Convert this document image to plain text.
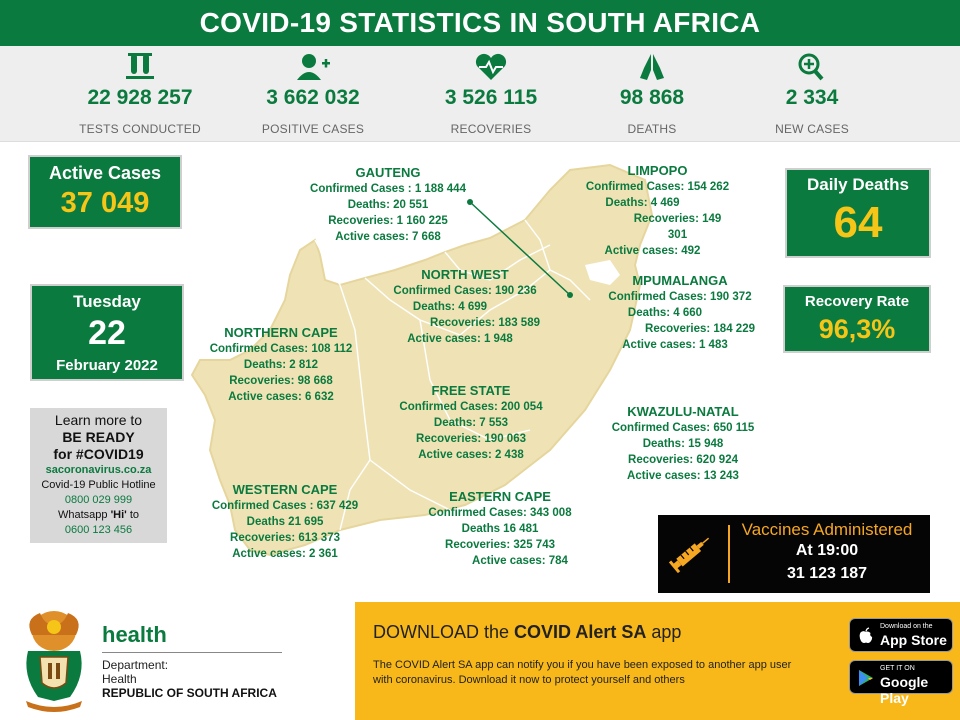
COVID-19 STATISTICS IN SOUTH AFRICA
22 928 257
TESTS CONDUCTED
3 662 032
POSITIVE CASES
3 526 115
RECOVERIES
98 868
DEATHS
2 334
NEW CASES
Active Cases
37 049
Tuesday
22
February 2022
Learn more to
BE READY
for #COVID19
sacoronavirus.co.za
Covid-19 Public Hotline
0800 029 999
Whatsapp 'Hi' to
0600 123 456
GAUTENG
Confirmed Cases : 1 188 444
Deaths: 20 551
Recoveries: 1 160 225
Active cases: 7 668
LIMPOPO
Confirmed Cases: 154 262
Deaths: 4 469
Recoveries: 149 301
Active cases: 492
NORTH WEST
Confirmed Cases: 190 236
Deaths: 4 699
Recoveries: 183 589
Active cases: 1 948
MPUMALANGA
Confirmed Cases: 190 372
Deaths: 4 660
Recoveries: 184 229
Active cases: 1 483
NORTHERN CAPE
Confirmed Cases: 108 112
Deaths: 2 812
Recoveries: 98 668
Active cases: 6 632	FREE STATE
Confirmed Cases: 200 054
Deaths: 7 553
Recoveries: 190 063
Active cases: 2 438
KWAZULU-NATAL
Confirmed Cases: 650 115
Deaths: 15 948
Recoveries: 620 924
Active cases: 13 243
WESTERN CAPE
Confirmed Cases : 637 429
Deaths 21 695
Recoveries: 613 373
Active cases: 2 361
EASTERN CAPE
Confirmed Cases: 343 008
Deaths 16 481
Recoveries: 325 743
Active cases: 784
Daily Deaths
64
Recovery Rate
96,3%
Vaccines Administered
At 19:00
31 123 187
health
Department:
Health
REPUBLIC OF SOUTH AFRICA
DOWNLOAD the COVID Alert SA app
The COVID Alert SA app can notify you if you have been exposed to another app user with coronavirus. Download it now to protect yourself and others
Download on the
App Store
GET IT ON
Google Play
